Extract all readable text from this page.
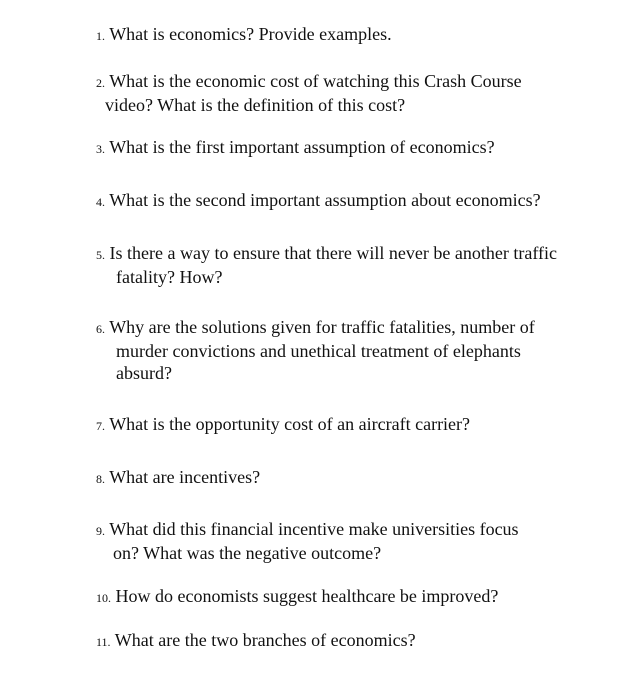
1. What is economics? Provide examples.
2. What is the economic cost of watching this Crash Course
video? What is the definition of this cost?
3. What is the first important assumption of economics?
4. What is the second important assumption about economics?
5. Is there a way to ensure that there will never be another traffic
fatality? How?
6. Why are the solutions given for traffic fatalities, number of
murder convictions and unethical treatment of elephants
absurd?
7. What is the opportunity cost of an aircraft carrier?
8. What are incentives?
9. What did this financial incentive make universities focus
on? What was the negative outcome?
10. How do economists suggest healthcare be improved?
11. What are the two branches of economics?
